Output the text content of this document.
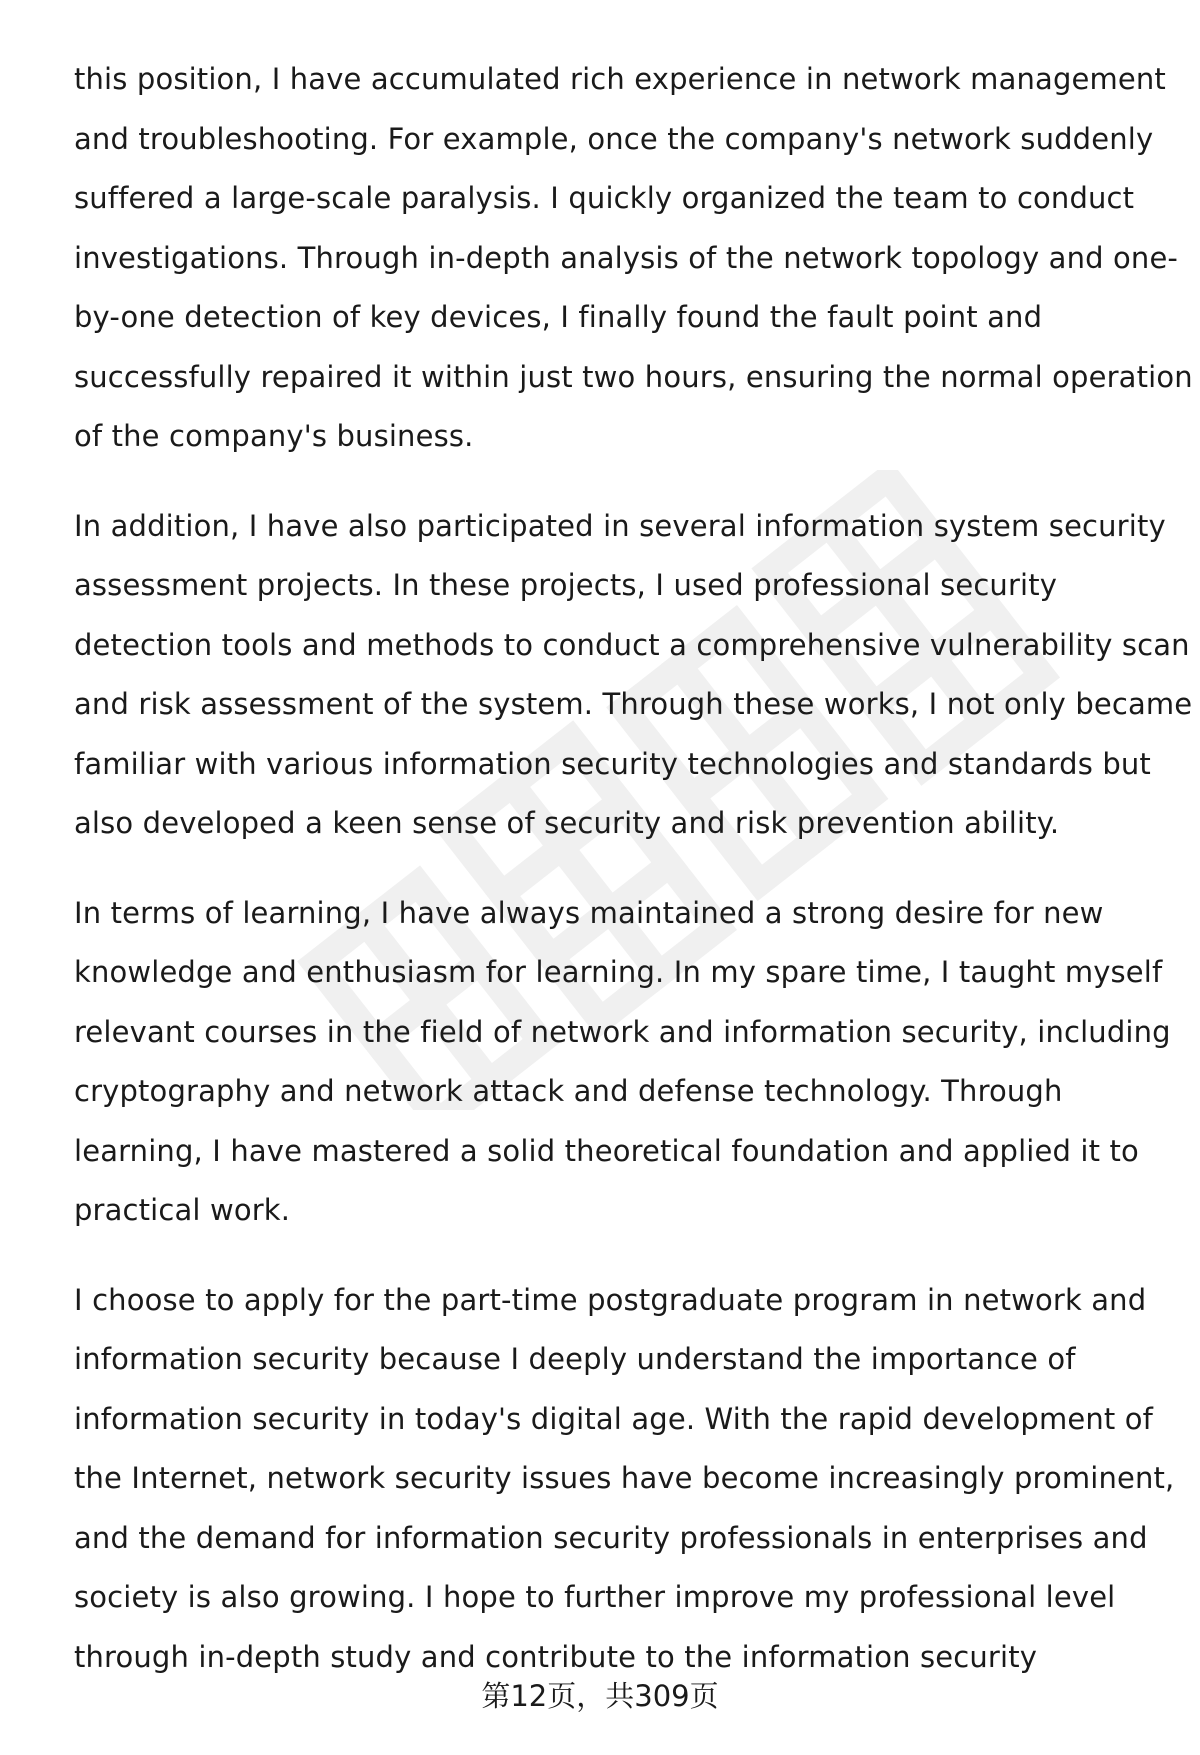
this position, I have accumulated rich experience in network management
and troubleshooting. For example, once the company's network suddenly
suffered a large-scale paralysis. I quickly organized the team to conduct
investigations. Through in-depth analysis of the network topology and one-
by-one detection of key devices, I finally found the fault point and
successfully repaired it within just two hours, ensuring the normal operation
of the company's business.

In addition, I have also participated in several information system security
assessment projects. In these projects, I used professional security
detection tools and methods to conduct a comprehensive vulnerability scan
and risk assessment of the system. Through these works, I not only became
familiar with various information security technologies and standards but
also developed a keen sense of security and risk prevention ability.

In terms of learning, I have always maintained a strong desire for new
knowledge and enthusiasm for learning. In my spare time, I taught myself
relevant courses in the field of network and information security, including
cryptography and network attack and defense technology. Through
learning, I have mastered a solid theoretical foundation and applied it to
practical work.

I choose to apply for the part-time postgraduate program in network and
information security because I deeply understand the importance of
information security in today's digital age. With the rapid development of
the Internet, network security issues have become increasingly prominent,
and the demand for information security professionals in enterprises and
society is also growing. I hope to further improve my professional level
through in-depth study and contribute to the information security

第12页，共309页
